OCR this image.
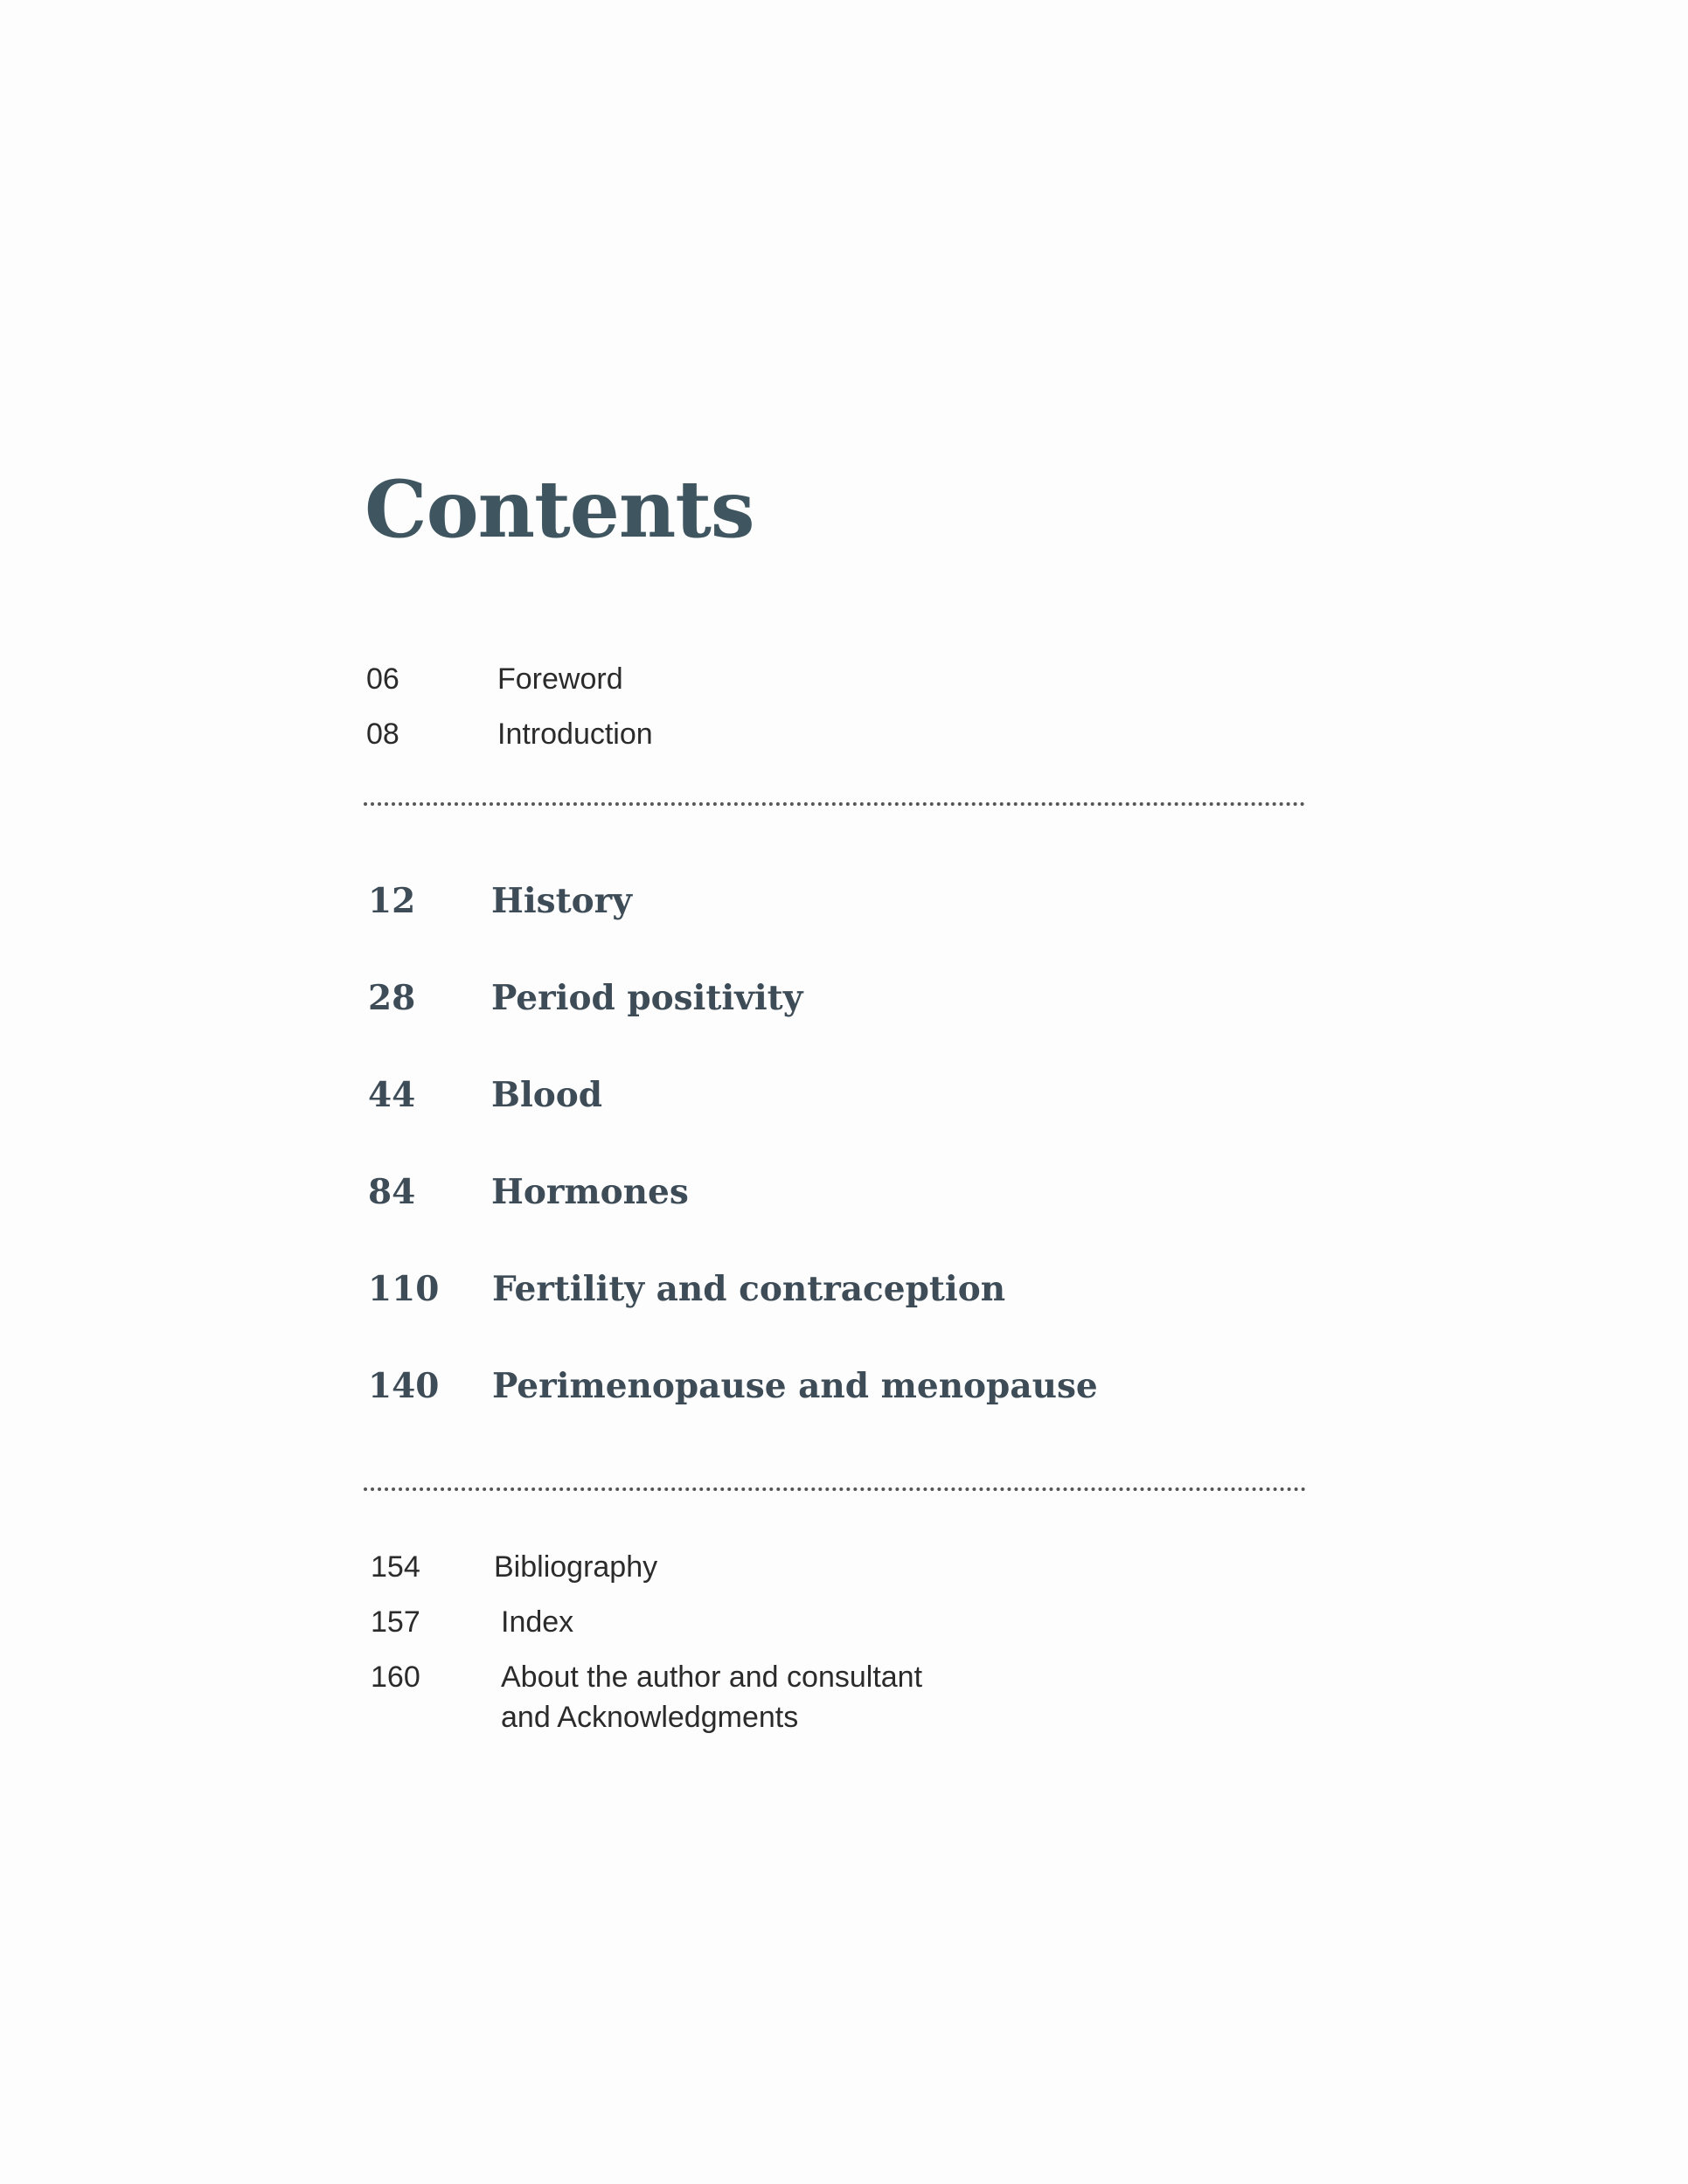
Contents
06	Foreword
08	Introduction
12 History
28 Period positivity
44 Blood
84 Hormones
110 Fertility and contraception
140 Perimenopause and menopause
154 Bibliography
157	Index
160	About the author and consultant
and Acknowledgments
